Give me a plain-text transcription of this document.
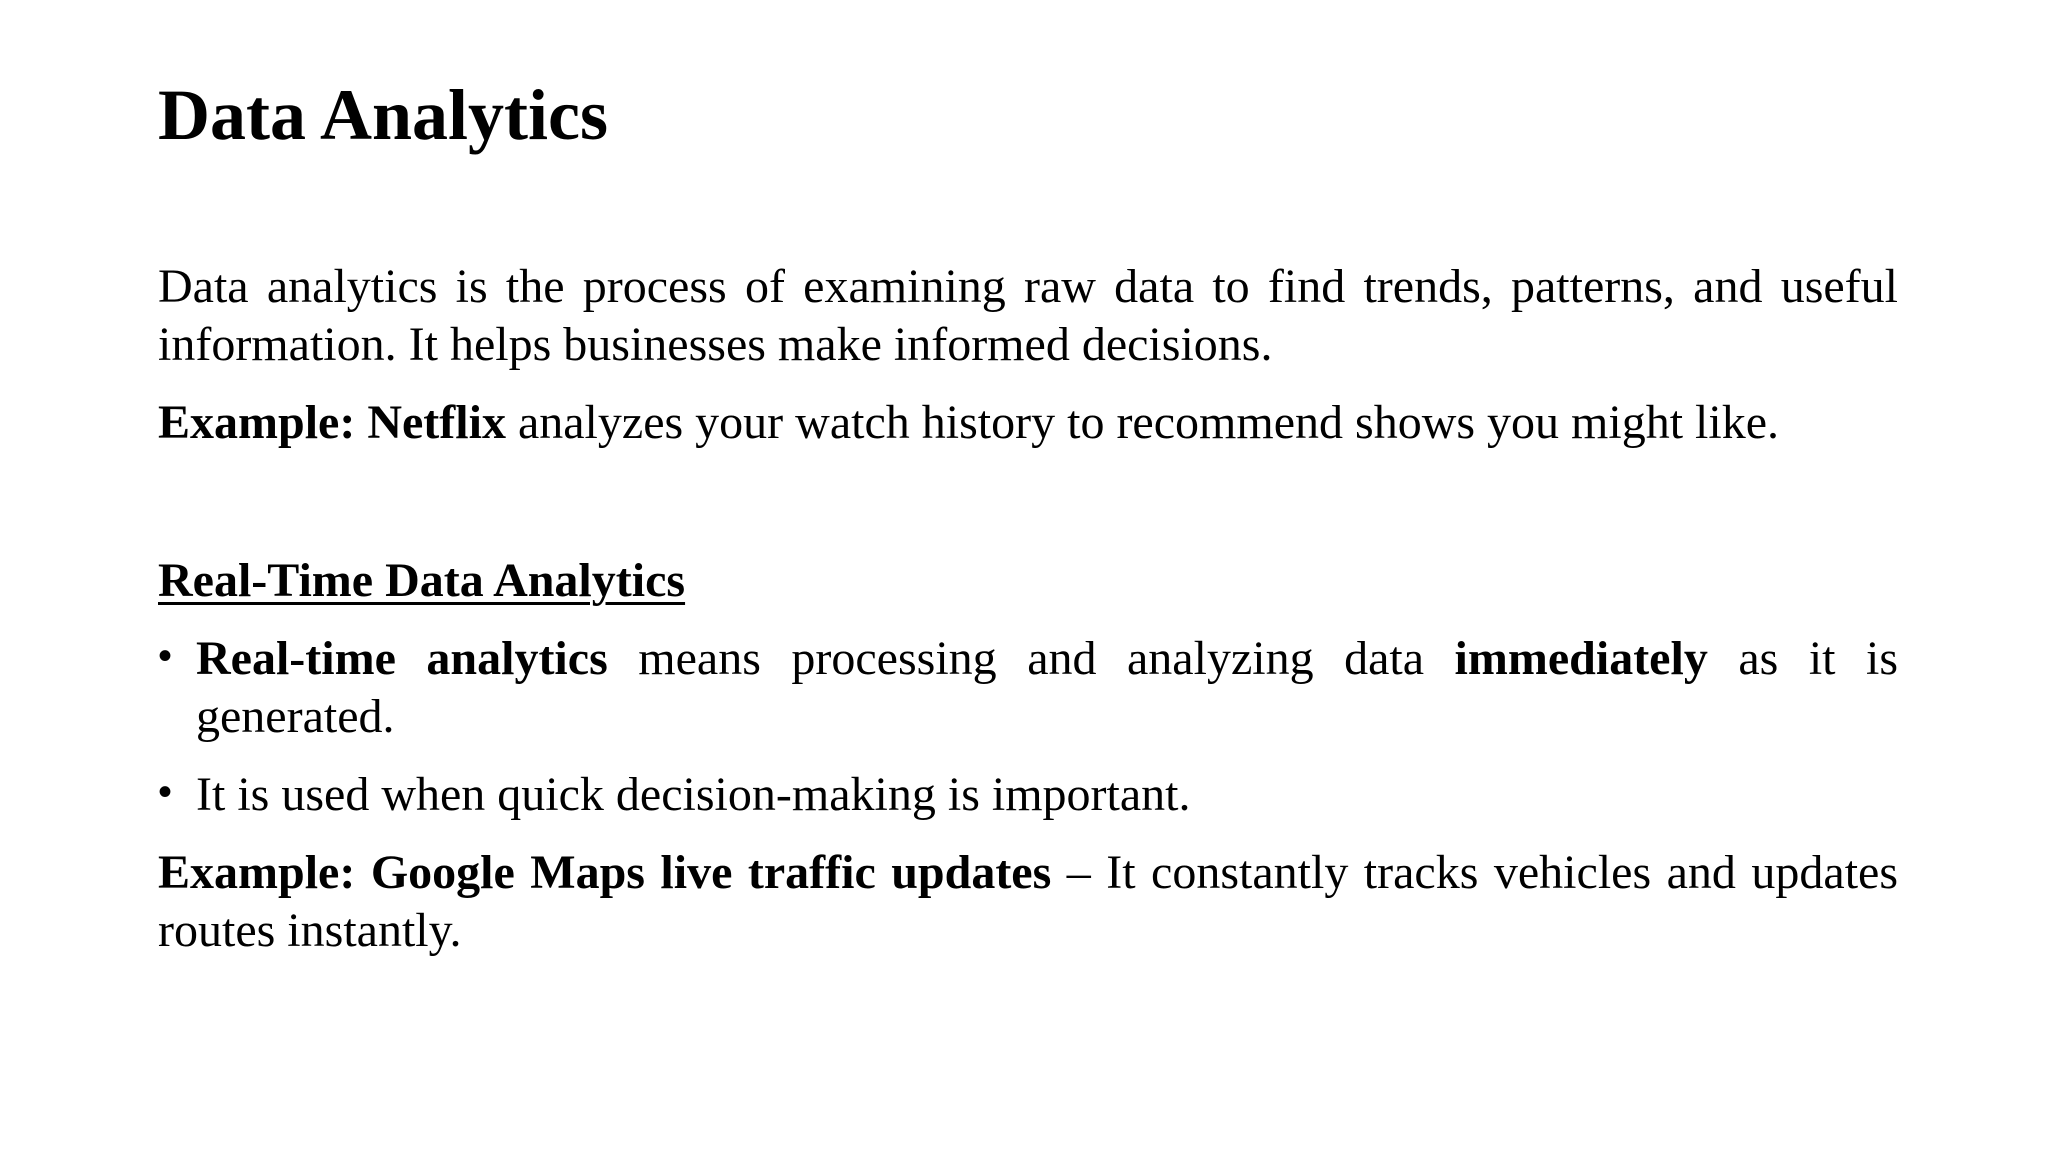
Data Analytics

Data analytics is the process of examining raw data to find trends, patterns, and useful information. It helps businesses make informed decisions.

Example: Netflix analyzes your watch history to recommend shows you might like.

Real-Time Data Analytics

• Real-time analytics means processing and analyzing data immediately as it is generated.
• It is used when quick decision-making is important.

Example: Google Maps live traffic updates – It constantly tracks vehicles and updates routes instantly.
